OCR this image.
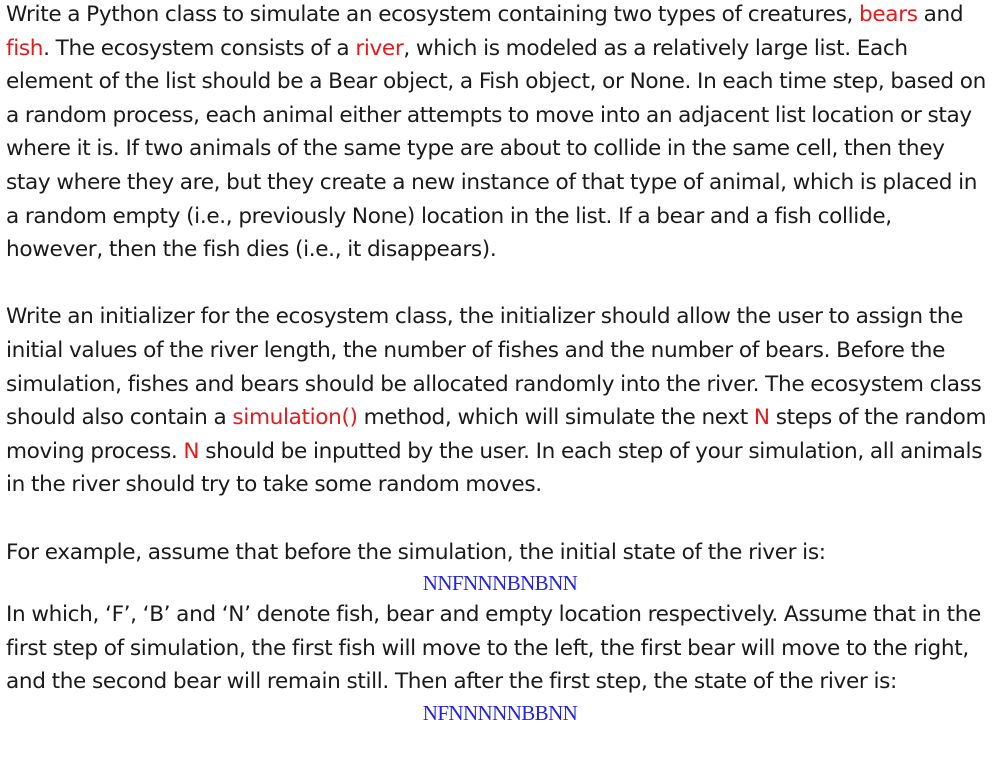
Write a Python class to simulate an ecosystem containing two types of creatures, bears and fish. The ecosystem consists of a river, which is modeled as a relatively large list. Each element of the list should be a Bear object, a Fish object, or None. In each time step, based on a random process, each animal either attempts to move into an adjacent list location or stay where it is. If two animals of the same type are about to collide in the same cell, then they stay where they are, but they create a new instance of that type of animal, which is placed in a random empty (i.e., previously None) location in the list. If a bear and a fish collide, however, then the fish dies (i.e., it disappears).

Write an initializer for the ecosystem class, the initializer should allow the user to assign the initial values of the river length, the number of fishes and the number of bears. Before the simulation, fishes and bears should be allocated randomly into the river. The ecosystem class should also contain a simulation() method, which will simulate the next N steps of the random moving process. N should be inputted by the user. In each step of your simulation, all animals in the river should try to take some random moves.

For example, assume that before the simulation, the initial state of the river is:

NNFNNNBNBNN

In which, ‘F’, ‘B’ and ‘N’ denote fish, bear and empty location respectively. Assume that in the first step of simulation, the first fish will move to the left, the first bear will move to the right, and the second bear will remain still. Then after the first step, the state of the river is:

NFNNNNNBBNN
